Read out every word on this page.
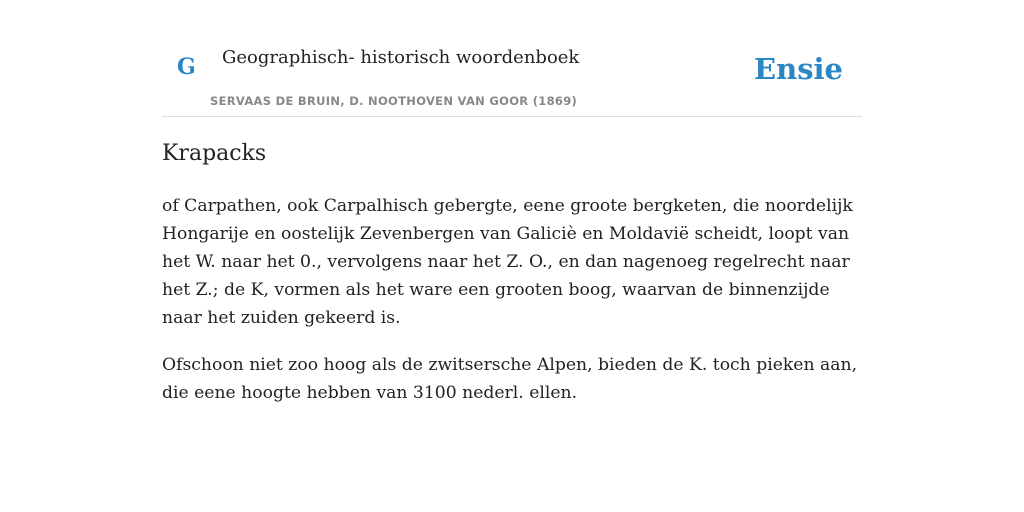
G Geographisch- historisch woordenboek
SERVAAS DE BRUIN, D. NOOTHOVEN VAN GOOR (1869)
Ensie
Krapacks

of Carpathen, ook Carpalhisch gebergte, eene groote bergketen, die noordelijk Hongarije en oostelijk Zevenbergen van Galiciè en Moldavië scheidt, loopt van het W. naar het 0., vervolgens naar het Z. O., en dan nagenoeg regelrecht naar het Z.; de K, vormen als het ware een grooten boog, waarvan de binnenzijde naar het zuiden gekeerd is.

Ofschoon niet zoo hoog als de zwitsersche Alpen, bieden de K. toch pieken aan, die eene hoogte hebben van 3100 nederl. ellen.
